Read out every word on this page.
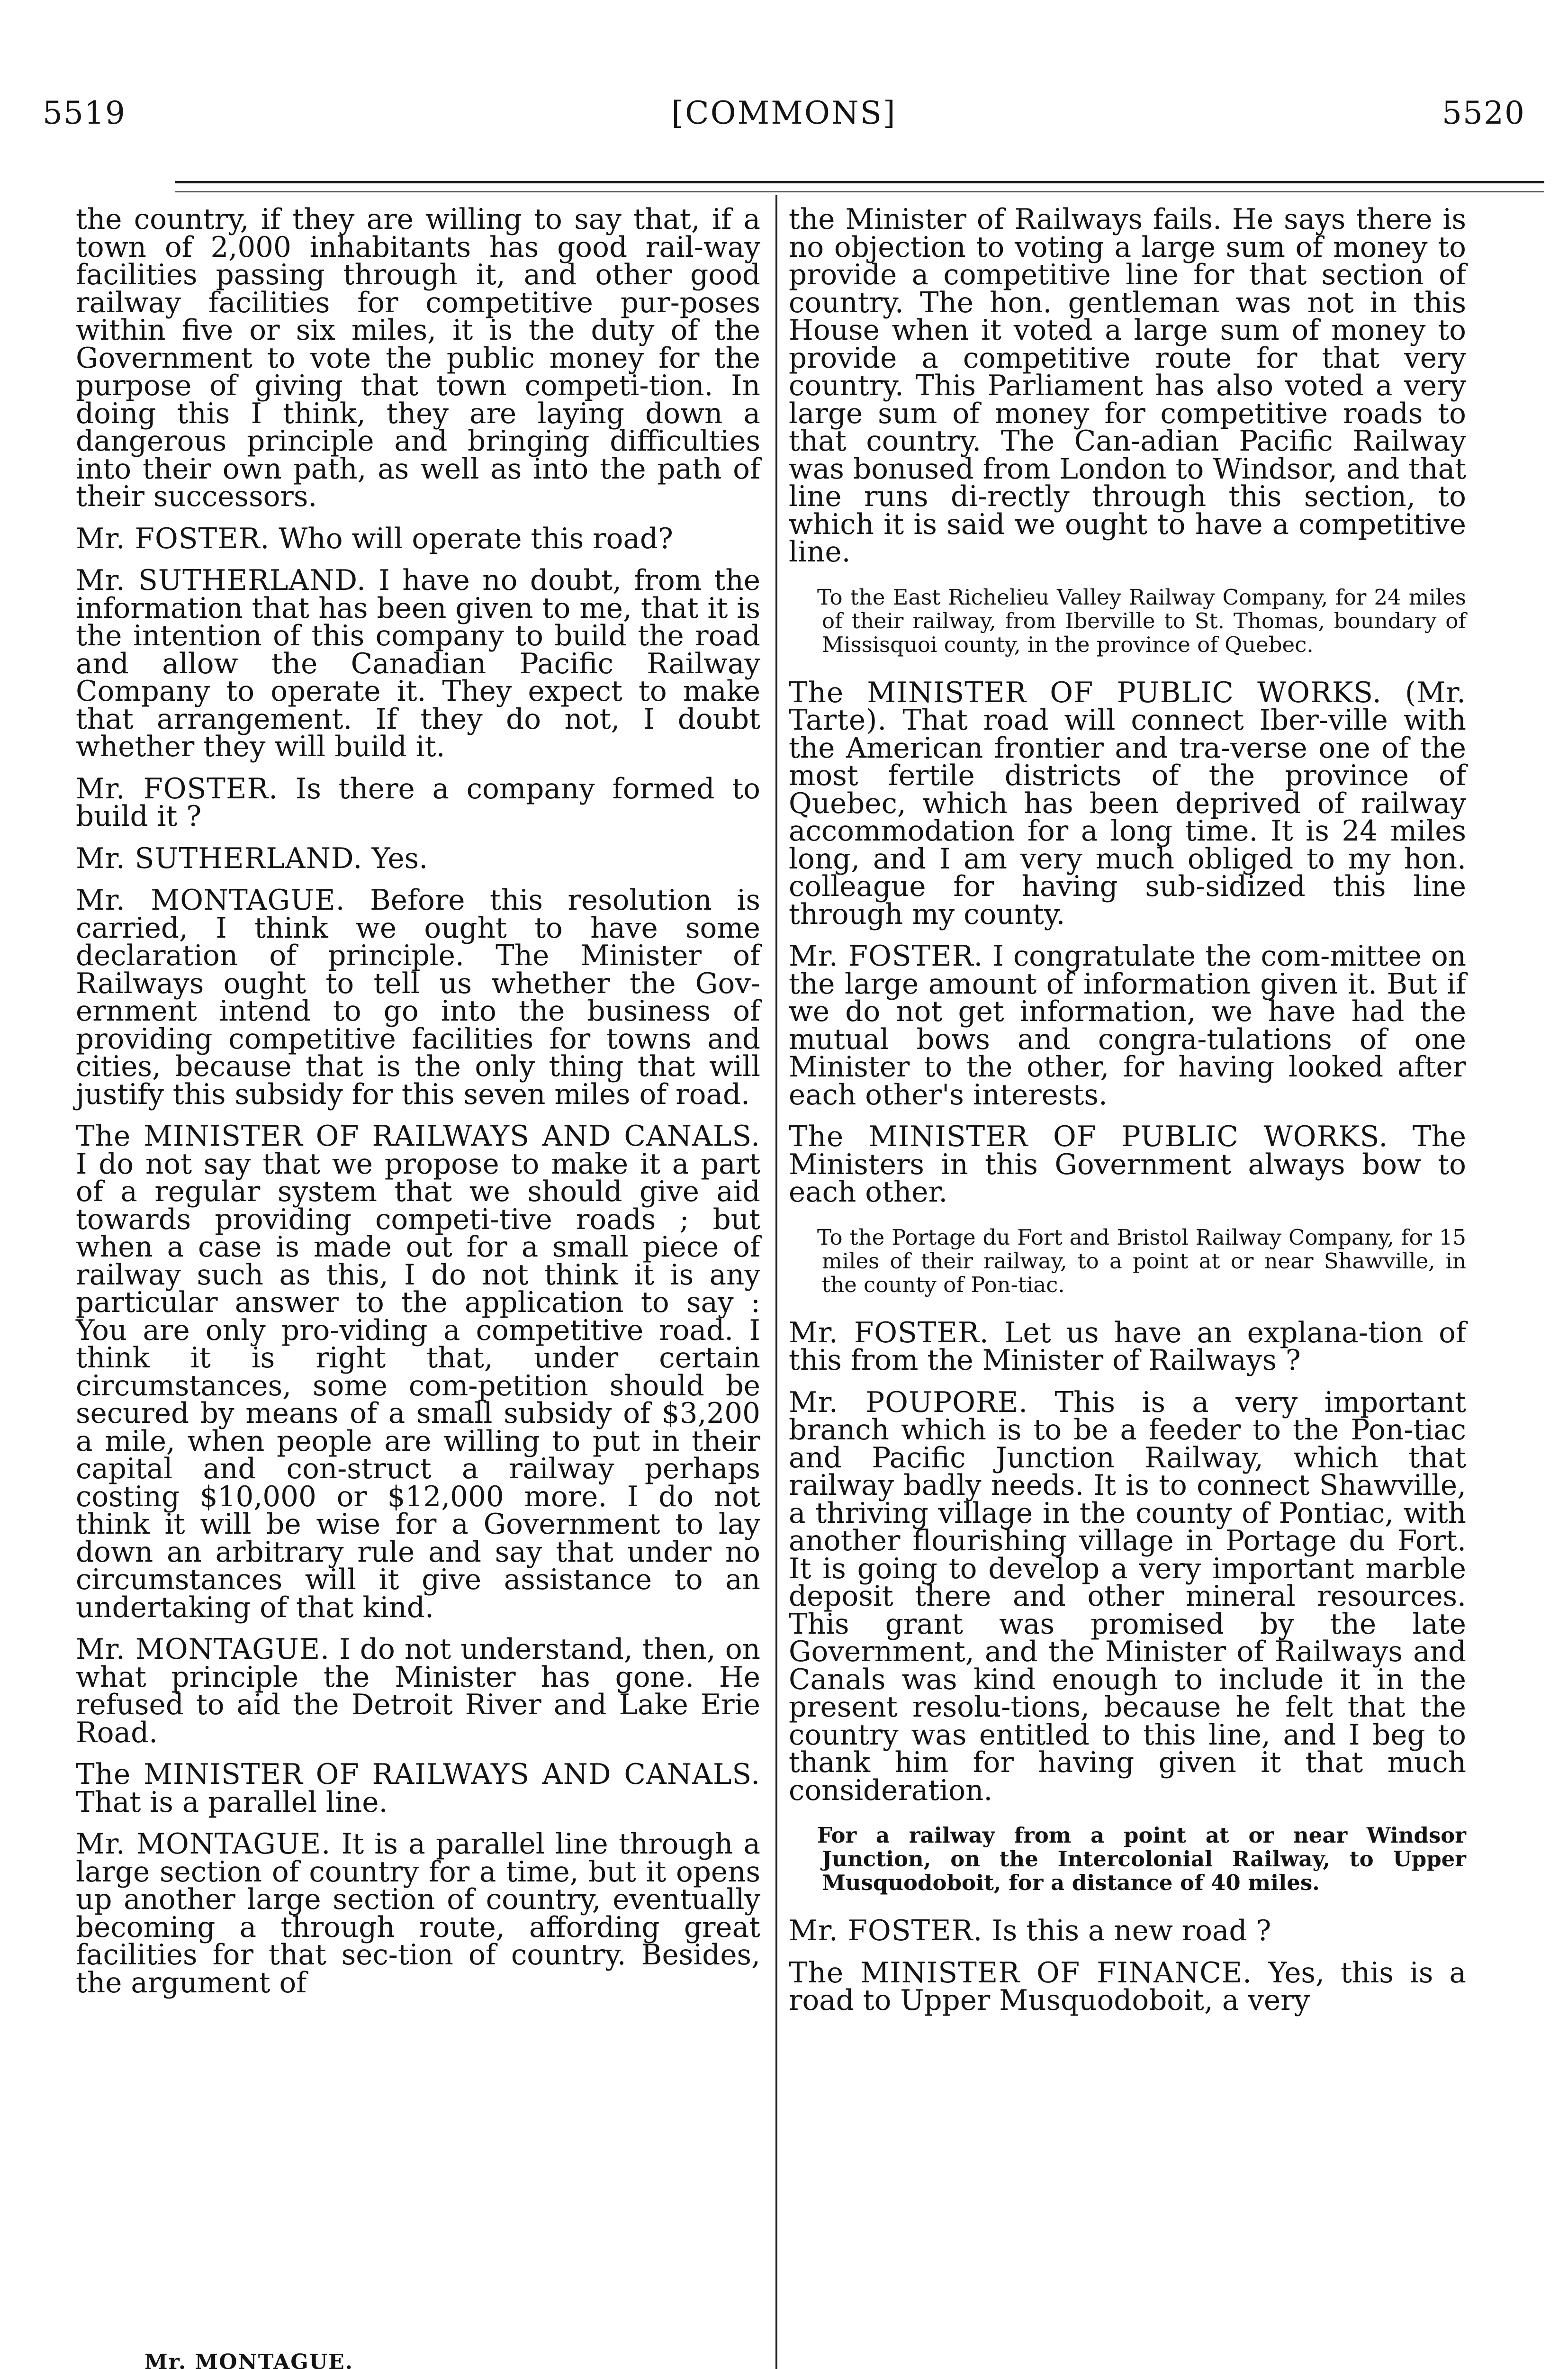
5519	[COMMONS]	5520

the country, if they are willing to say that, if a town of 2,000 inhabitants has good rail-way facilities passing through it, and other good railway facilities for competitive pur-poses within five or six miles, it is the duty of the Government to vote the public money for the purpose of giving that town competi-tion. In doing this I think, they are laying down a dangerous principle and bringing difficulties into their own path, as well as into the path of their successors.

Mr. FOSTER. Who will operate this road?

Mr. SUTHERLAND. I have no doubt, from the information that has been given to me, that it is the intention of this company to build the road and allow the Canadian Pacific Railway Company to operate it. They expect to make that arrangement. If they do not, I doubt whether they will build it.

Mr. FOSTER. Is there a company formed to build it ?

Mr. SUTHERLAND. Yes.

Mr. MONTAGUE. Before this resolution is carried, I think we ought to have some declaration of principle. The Minister of Railways ought to tell us whether the Gov-ernment intend to go into the business of providing competitive facilities for towns and cities, because that is the only thing that will justify this subsidy for this seven miles of road.

The MINISTER OF RAILWAYS AND CANALS. I do not say that we propose to make it a part of a regular system that we should give aid towards providing competi-tive roads ; but when a case is made out for a small piece of railway such as this, I do not think it is any particular answer to the application to say : You are only pro-viding a competitive road. I think it is right that, under certain circumstances, some com-petition should be secured by means of a small subsidy of $3,200 a mile, when people are willing to put in their capital and con-struct a railway perhaps costing $10,000 or $12,000 more. I do not think it will be wise for a Government to lay down an arbitrary rule and say that under no circumstances will it give assistance to an undertaking of that kind.

Mr. MONTAGUE. I do not understand, then, on what principle the Minister has gone. He refused to aid the Detroit River and Lake Erie Road.

The MINISTER OF RAILWAYS AND CANALS. That is a parallel line.

Mr. MONTAGUE. It is a parallel line through a large section of country for a time, but it opens up another large section of country, eventually becoming a through route, affording great facilities for that sec-tion of country. Besides, the argument of

Mr. MONTAGUE.

the Minister of Railways fails. He says there is no objection to voting a large sum of money to provide a competitive line for that section of country. The hon. gentleman was not in this House when it voted a large sum of money to provide a competitive route for that very country. This Parliament has also voted a very large sum of money for competitive roads to that country. The Can-adian Pacific Railway was bonused from London to Windsor, and that line runs di-rectly through this section, to which it is said we ought to have a competitive line.

To the East Richelieu Valley Railway Company, for 24 miles of their railway, from Iberville to St. Thomas, boundary of Missisquoi county, in the province of Quebec.

The MINISTER OF PUBLIC WORKS. (Mr. Tarte). That road will connect Iber-ville with the American frontier and tra-verse one of the most fertile districts of the province of Quebec, which has been deprived of railway accommodation for a long time. It is 24 miles long, and I am very much obliged to my hon. colleague for having sub-sidized this line through my county.

Mr. FOSTER. I congratulate the com-mittee on the large amount of information given it. But if we do not get information, we have had the mutual bows and congra-tulations of one Minister to the other, for having looked after each other's interests.

The MINISTER OF PUBLIC WORKS. The Ministers in this Government always bow to each other.

To the Portage du Fort and Bristol Railway Company, for 15 miles of their railway, to a point at or near Shawville, in the county of Pon-tiac.

Mr. FOSTER. Let us have an explana-tion of this from the Minister of Railways ?

Mr. POUPORE. This is a very important branch which is to be a feeder to the Pon-tiac and Pacific Junction Railway, which that railway badly needs. It is to connect Shawville, a thriving village in the county of Pontiac, with another flourishing village in Portage du Fort. It is going to develop a very important marble deposit there and other mineral resources. This grant was promised by the late Government, and the Minister of Railways and Canals was kind enough to include it in the present resolu-tions, because he felt that the country was entitled to this line, and I beg to thank him for having given it that much consideration.

For a railway from a point at or near Windsor Junction, on the Intercolonial Railway, to Upper Musquodoboit, for a distance of 40 miles.

Mr. FOSTER. Is this a new road ?

The MINISTER OF FINANCE. Yes, this is a road to Upper Musquodoboit, a very
